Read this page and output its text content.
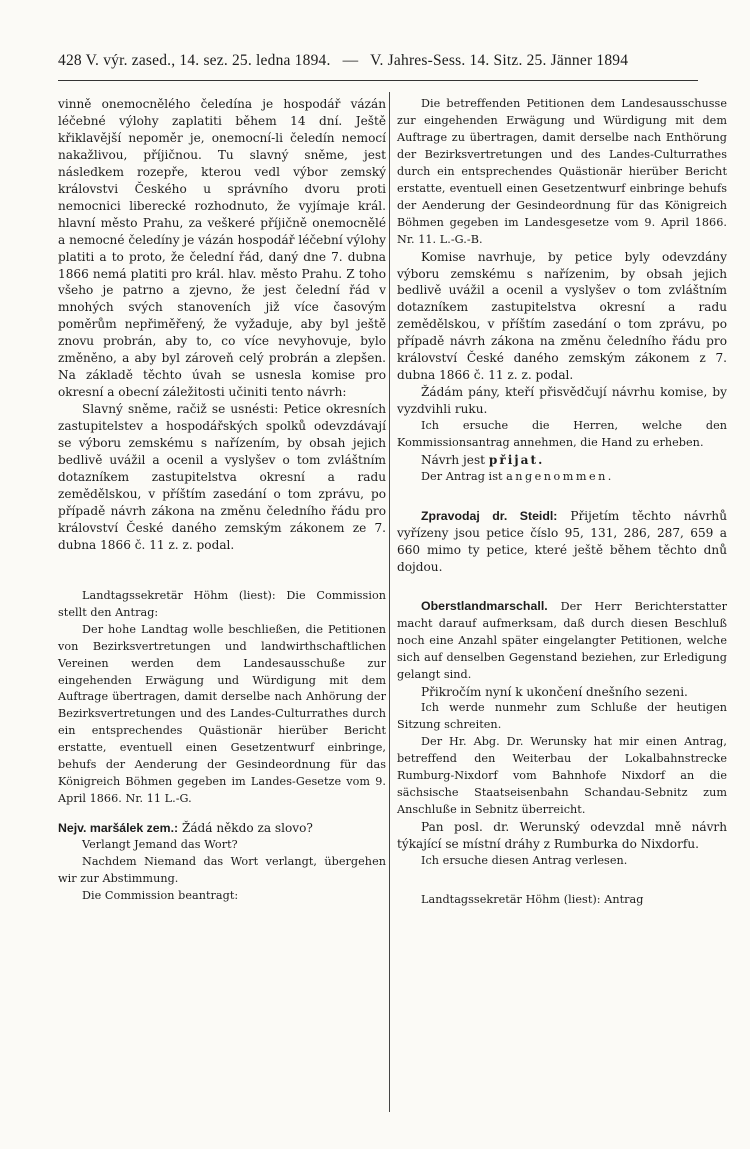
428 V. výr. zased., 14. sez. 25. ledna 1894. — V. Jahres-Sess. 14. Sitz. 25. Jänner 1894

vinně onemocnělého čeledína je hospodář vázán léčebné výlohy zaplatiti během 14 dní. Ještě křiklavější nepoměr je, onemocní-li čeledín nemocí nakažlivou, příjičnou. Tu slavný sněme, jest následkem rozepře, kterou vedl výbor zemský královstvi Českého u správního dvoru proti nemocnici liberecké rozhodnuto, že vyjímaje král. hlavní město Prahu, za veškeré příjičně onemocnělé a nemocné čeledíny je vázán hospodář léčební výlohy platiti a to proto, že čelední řád, daný dne 7. dubna 1866 nemá platiti pro král. hlav. město Prahu. Z toho všeho je patrno a zjevno, že jest čelední řád v mnohých svých stanoveních již více časovým poměrům nepřiměřený, že vyžaduje, aby byl ještě znovu probrán, aby to, co více nevyhovuje, bylo změněno, a aby byl zároveň celý probrán a zlepšen. Na základě těchto úvah se usnesla komise pro okresní a obecní záležitosti učiniti tento návrh:

Slavný sněme, račiž se usnésti: Petice okresních zastupitelstev a hospodářských spolků odevzdávají se výboru zemskému s nařízením, by obsah jejich bedlivě uvážil a ocenil a vyslyšev o tom zvláštním dotazníkem zastupitelstva okresní a radu zemědělskou, v příštím zasedání o tom zprávu, po případě návrh zákona na změnu čeledního řádu pro království České daného zemským zákonem ze 7. dubna 1866 č. 11 z. z. podal.

Landtagssekretär Höhm (liest): Die Commission stellt den Antrag:

Der hohe Landtag wolle beschließen, die Petitionen von Bezirksvertretungen und landwirthschaftlichen Vereinen werden dem Landesausschuße zur eingehenden Erwägung und Würdigung mit dem Auftrage übertragen, damit derselbe nach Anhörung der Bezirksvertretungen und des Landes-Culturrathes durch ein entsprechendes Quästionär hierüber Bericht erstatte, eventuell einen Gesetzentwurf einbringe, behufs der Aenderung der Gesindeordnung für das Königreich Böhmen gegeben im Landes-Gesetze vom 9. April 1866. Nr. 11 L.-G.

Nejv. maršálek zem.: Žádá někdo za slovo?

Verlangt Jemand das Wort?

Nachdem Niemand das Wort verlangt, übergehen wir zur Abstimmung.

Die Commission beantragt:

Die betreffenden Petitionen dem Landesausschusse zur eingehenden Erwägung und Würdigung mit dem Auftrage zu übertragen, damit derselbe nach Enthörung der Bezirksvertretungen und des Landes-Culturrathes durch ein entsprechendes Quästionär hierüber Bericht erstatte, eventuell einen Gesetzentwurf einbringe behufs der Aenderung der Gesindeordnung für das Königreich Böhmen gegeben im Landesgesetze vom 9. April 1866. Nr. 11. L.-G.-B.

Komise navrhuje, by petice byly odevzdány výboru zemskému s nařízenim, by obsah jejich bedlivě uvážil a ocenil a vyslyšev o tom zvláštním dotazníkem zastupitelstva okresní a radu zemědělskou, v příštím zasedání o tom zprávu, po případě návrh zákona na změnu čeledního řádu pro království České daného zemským zákonem z 7. dubna 1866 č. 11 z. z. podal.

Žádám pány, kteří přisvědčují návrhu komise, by vyzdvihli ruku.

Ich ersuche die Herren, welche den Kommissionsantrag annehmen, die Hand zu erheben.

Návrh jest přijat.

Der Antrag ist angenommen.

Zpravodaj dr. Steidl: Přijetím těchto návrhů vyřízeny jsou petice číslo 95, 131, 286, 287, 659 a 660 mimo ty petice, které ještě během těchto dnů dojdou.

Oberstlandmarschall. Der Herr Berichterstatter macht darauf aufmerksam, daß durch diesen Beschluß noch eine Anzahl später eingelangter Petitionen, welche sich auf denselben Gegenstand beziehen, zur Erledigung gelangt sind.

Přikročím nyní k ukončení dnešního sezeni.

Ich werde nunmehr zum Schluße der heutigen Sitzung schreiten.

Der Hr. Abg. Dr. Werunsky hat mir einen Antrag, betreffend den Weiterbau der Lokalbahnstrecke Rumburg-Nixdorf vom Bahnhofe Nixdorf an die sächsische Staatseisenbahn Schandau-Sebnitz zum Anschluße in Sebnitz überreicht.

Pan posl. dr. Werunský odevzdal mně návrh týkající se místní dráhy z Rumburka do Nixdorfu.

Ich ersuche diesen Antrag verlesen.

Landtagssekretär Höhm (liest): Antrag
